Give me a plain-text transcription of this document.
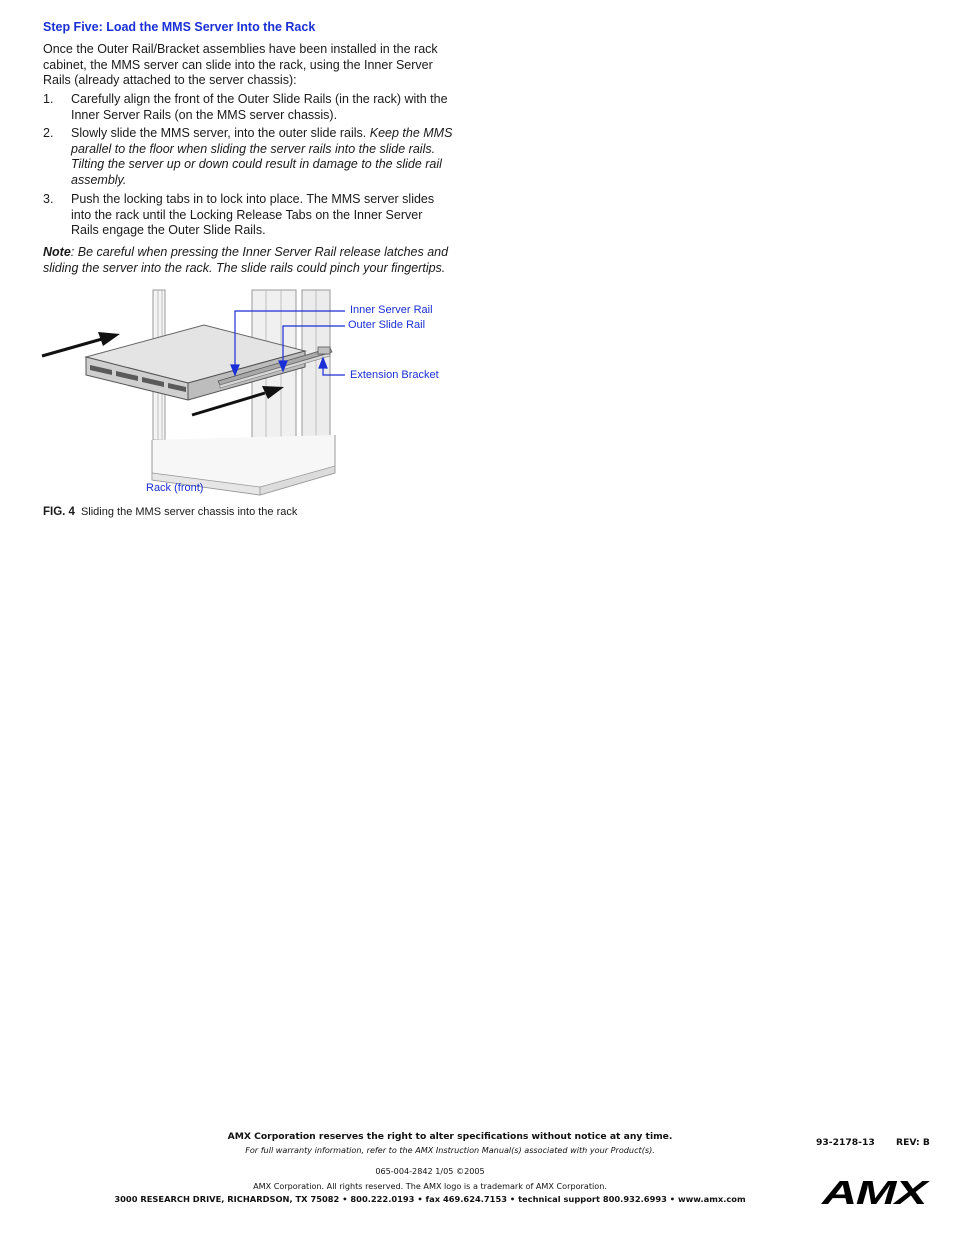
Step Five: Load the MMS Server Into the Rack
Once the Outer Rail/Bracket assemblies have been installed in the rack cabinet, the MMS server can slide into the rack, using the Inner Server Rails (already attached to the server chassis):
1.	Carefully align the front of the Outer Slide Rails (in the rack) with the Inner Server Rails (on the MMS server chassis).
2.	Slowly slide the MMS server, into the outer slide rails. Keep the MMS parallel to the floor when sliding the server rails into the slide rails. Tilting the server up or down could result in damage to the slide rail assembly.
3.	Push the locking tabs in to lock into place. The MMS server slides into the rack until the Locking Release Tabs on the Inner Server Rails engage the Outer Slide Rails.
Note: Be careful when pressing the Inner Server Rail release latches and sliding the server into the rack. The slide rails could pinch your fingertips.
Inner Server Rail
Outer Slide Rail
Extension Bracket
Rack (front)
FIG. 4 Sliding the MMS server chassis into the rack
AMX Corporation reserves the right to alter specifications without notice at any time.
For full warranty information, refer to the AMX Instruction Manual(s) associated with your Product(s).
065-004-2842 1/05 ©2005
AMX Corporation. All rights reserved. The AMX logo is a trademark of AMX Corporation.
3000 RESEARCH DRIVE, RICHARDSON, TX 75082 • 800.222.0193 • fax 469.624.7153 • technical support 800.932.6993 • www.amx.com
93-2178-13 REV: B
AMX
